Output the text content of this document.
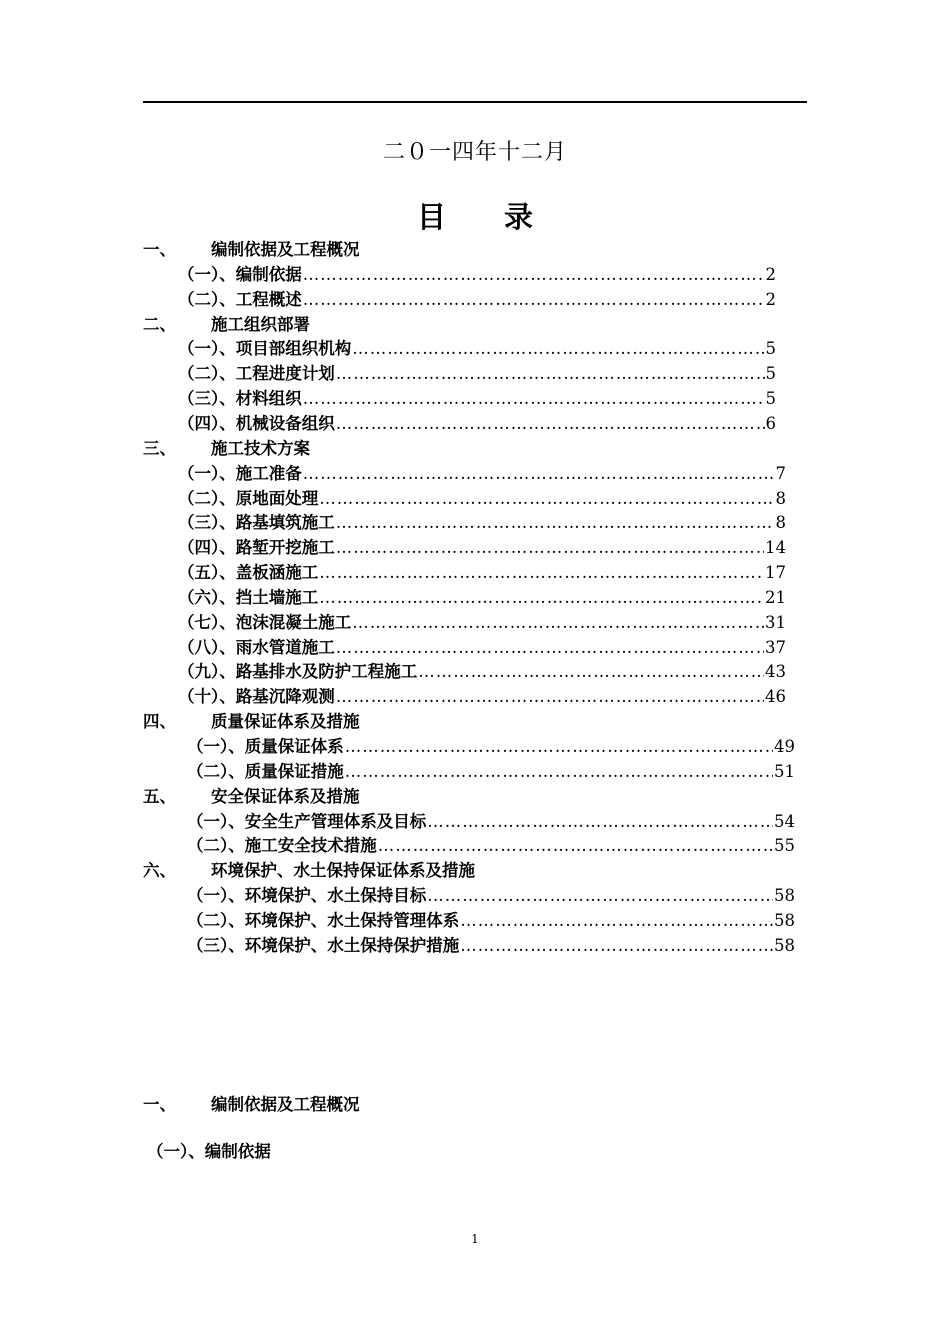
二０一四年十二月
目 录
一、 编制依据及工程概况
（一）、编制依据 …………………………………………………………………………………………………………………………………………………………………………………………………………	2
（二）、工程概述 …………………………………………………………………………………………………………………………………………………………………………………………………………	2
二、 施工组织部署
（一）、项目部组织机构 …………………………………………………………………………………………………………………………………………………………………………………………………………	5
（二）、工程进度计划 …………………………………………………………………………………………………………………………………………………………………………………………………………	5
（三）、材料组织 …………………………………………………………………………………………………………………………………………………………………………………………………………	5
（四）、机械设备组织 …………………………………………………………………………………………………………………………………………………………………………………………………………	6
三、 施工技术方案
（一）、施工准备 …………………………………………………………………………………………………………………………………………………………………………………………………………	7
（二）、原地面处理 …………………………………………………………………………………………………………………………………………………………………………………………………………	8
（三）、路基填筑施工 …………………………………………………………………………………………………………………………………………………………………………………………………………	8
（四）、路堑开挖施工 …………………………………………………………………………………………………………………………………………………………………………………………………………	14
（五）、盖板涵施工 …………………………………………………………………………………………………………………………………………………………………………………………………………	17
（六）、挡土墙施工 …………………………………………………………………………………………………………………………………………………………………………………………………………	21
（七）、泡沫混凝土施工 …………………………………………………………………………………………………………………………………………………………………………………………………………	31
（八）、雨水管道施工 …………………………………………………………………………………………………………………………………………………………………………………………………………	37
（九）、路基排水及防护工程施工 …………………………………………………………………………………………………………………………………………………………………………………………………………	43
（十）、路基沉降观测 …………………………………………………………………………………………………………………………………………………………………………………………………………	46
四、 质量保证体系及措施
（一）、质量保证体系 …………………………………………………………………………………………………………………………………………………………………………………………………………	49
（二）、质量保证措施 …………………………………………………………………………………………………………………………………………………………………………………………………………	51
五、 安全保证体系及措施
（一）、安全生产管理体系及目标 …………………………………………………………………………………………………………………………………………………………………………………………………………	54
（二）、施工安全技术措施 …………………………………………………………………………………………………………………………………………………………………………………………………………	55
六、 环境保护、水土保持保证体系及措施
（一）、环境保护、水土保持目标 …………………………………………………………………………………………………………………………………………………………………………………………………………	58
（二）、环境保护、水土保持管理体系 …………………………………………………………………………………………………………………………………………………………………………………………………………	58
（三）、环境保护、水土保持保护措施 …………………………………………………………………………………………………………………………………………………………………………………………………………	58
一、 编制依据及工程概况
（一）、编制依据
1
